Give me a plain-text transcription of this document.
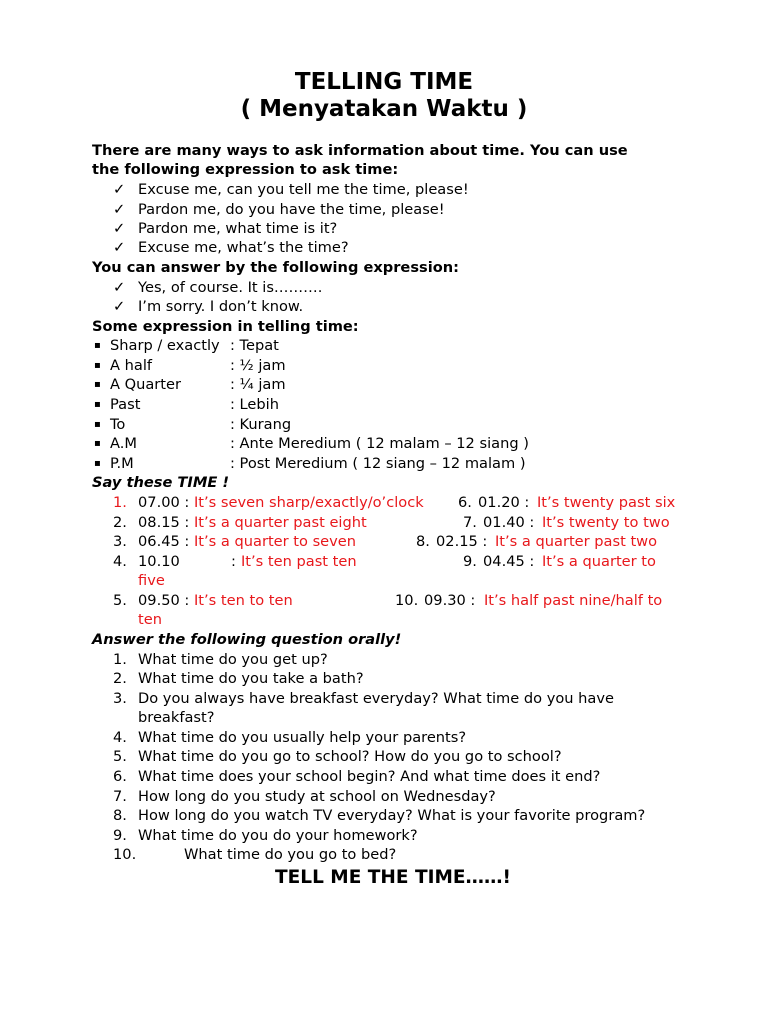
TELLING TIME
( Menyatakan Waktu )
There are many ways to ask information about time. You can use
the following expression to ask time:
✓ Excuse me, can you tell me the time, please!
✓ Pardon me, do you have the time, please!
✓ Pardon me, what time is it?
✓ Excuse me, what’s the time?
You can answer by the following expression:
✓ Yes, of course. It is……….
✓ I’m sorry. I don’t know.
Some expression in telling time:
▪ Sharp / exactly : Tepat
▪ A half	: ½ jam
▪ A Quarter	: ¼ jam
▪ Past	: Lebih
▪ To	: Kurang
▪ A.M	: Ante Meredium ( 12 malam – 12 siang )
▪ P.M	: Post Meredium ( 12 siang – 12 malam )
Say these TIME !
1. 07.00 : It’s seven sharp/exactly/o’clock 6. 01.20 : It’s twenty past six
2. 08.15 : It’s a quarter past eight	7. 01.40 : It’s twenty to two
3. 06.45 : It’s a quarter to seven	8. 02.15 : It’s a quarter past two
4. 10.10	: It’s ten past ten	9. 04.45 : It’s a quarter to
five
5. 09.50 : It’s ten to ten	10. 09.30 : It’s half past nine/half to
ten
Answer the following question orally!
1. What time do you get up?
2. What time do you take a bath?
3. Do you always have breakfast everyday? What time do you have
breakfast?
4. What time do you usually help your parents?
5. What time do you go to school? How do you go to school?
6. What time does your school begin? And what time does it end?
7. How long do you study at school on Wednesday?
8. How long do you watch TV everyday? What is your favorite program?
9. What time do you do your homework?
10.	What time do you go to bed?
TELL ME THE TIME……!
